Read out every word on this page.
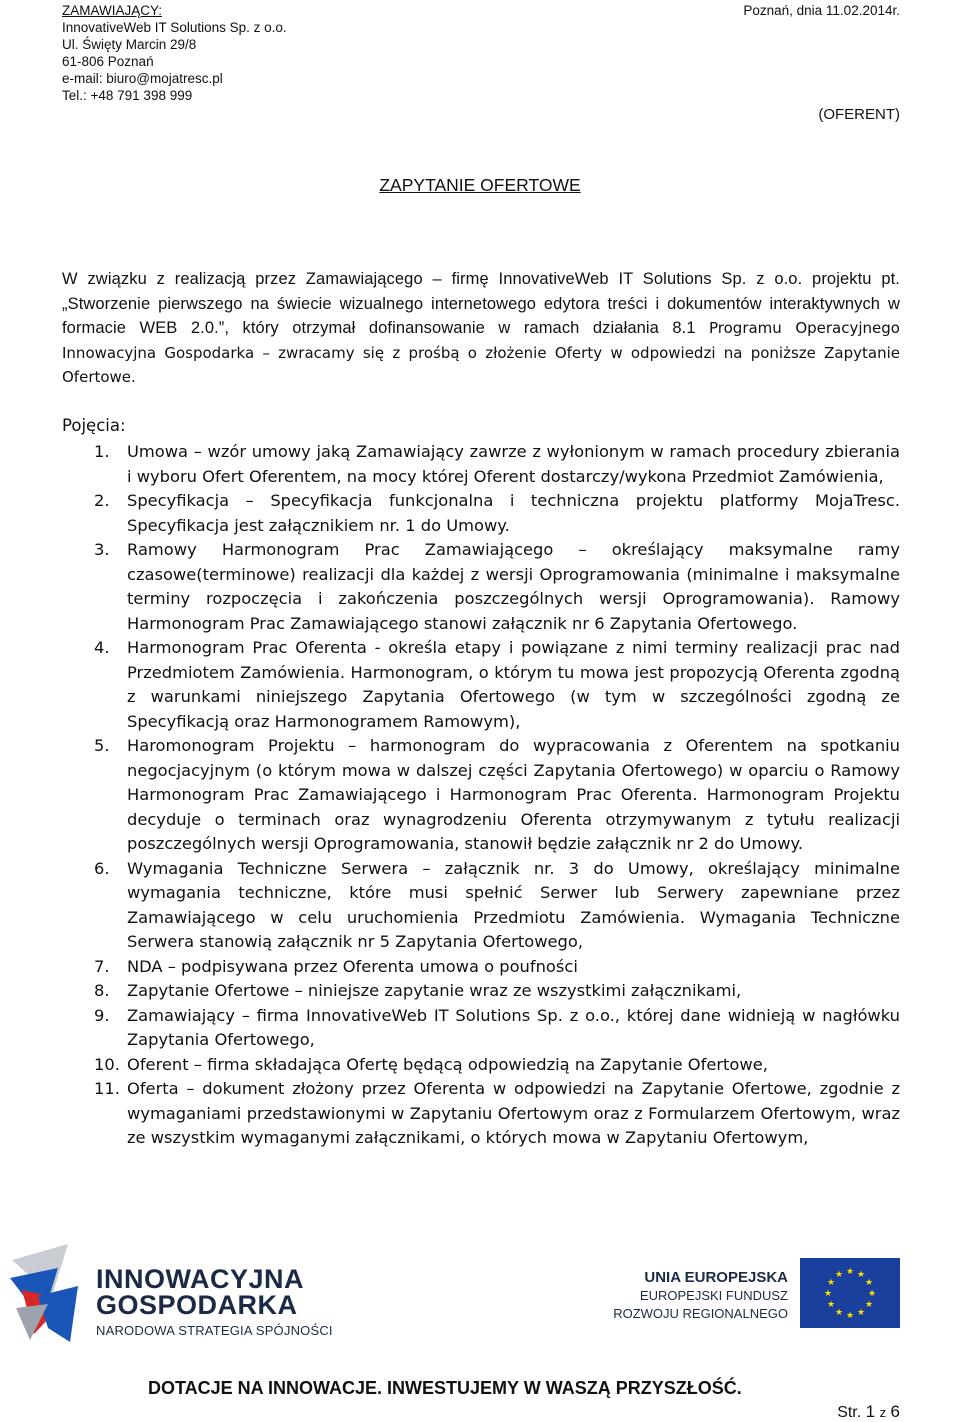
ZAMAWIAJĄCY:

InnovativeWeb IT Solutions Sp. z o.o.

Ul. Święty Marcin 29/8

61-806 Poznań

e-mail: biuro@mojatresc.pl

Tel.: +48 791 398 999

Poznań, dnia 11.02.2014r.

(OFERENT)

ZAPYTANIE OFERTOWE

W związku z realizacją przez Zamawiającego – firmę InnovativeWeb IT Solutions Sp. z o.o. projektu pt. „Stworzenie pierwszego na świecie wizualnego internetowego edytora treści i dokumentów interaktywnych w formacie WEB 2.0.”, który otrzymał dofinansowanie w ramach działania 8.1 Programu Operacyjnego Innowacyjna Gospodarka – zwracamy się z prośbą o złożenie Oferty w odpowiedzi na poniższe Zapytanie Ofertowe.

Pojęcia:

1. Umowa – wzór umowy jaką Zamawiający zawrze z wyłonionym w ramach procedury zbierania i wyboru Ofert Oferentem, na mocy której Oferent dostarczy/wykona Przedmiot Zamówienia,
2. Specyfikacja – Specyfikacja funkcjonalna i techniczna projektu platformy MojaTresc. Specyfikacja jest załącznikiem nr. 1 do Umowy.
3. Ramowy Harmonogram Prac Zamawiającego – określający maksymalne ramy czasowe(terminowe) realizacji dla każdej z wersji Oprogramowania (minimalne i maksymalne terminy rozpoczęcia i zakończenia poszczególnych wersji Oprogramowania). Ramowy Harmonogram Prac Zamawiającego stanowi załącznik nr 6 Zapytania Ofertowego.
4. Harmonogram Prac Oferenta - określa etapy i powiązane z nimi terminy realizacji prac nad Przedmiotem Zamówienia. Harmonogram, o którym tu mowa jest propozycją Oferenta zgodną z warunkami niniejszego Zapytania Ofertowego (w tym w szczególności zgodną ze Specyfikacją oraz Harmonogramem Ramowym),
5. Haromonogram Projektu – harmonogram do wypracowania z Oferentem na spotkaniu negocjacyjnym (o którym mowa w dalszej części Zapytania Ofertowego) w oparciu o Ramowy Harmonogram Prac Zamawiającego i Harmonogram Prac Oferenta. Harmonogram Projektu decyduje o terminach oraz wynagrodzeniu Oferenta otrzymywanym z tytułu realizacji poszczególnych wersji Oprogramowania, stanowił będzie załącznik nr 2 do Umowy.
6. Wymagania Techniczne Serwera – załącznik nr. 3 do Umowy, określający minimalne wymagania techniczne, które musi spełnić Serwer lub Serwery zapewniane przez Zamawiającego w celu uruchomienia Przedmiotu Zamówienia. Wymagania Techniczne Serwera stanowią załącznik nr 5 Zapytania Ofertowego,
7. NDA – podpisywana przez Oferenta umowa o poufności
8. Zapytanie Ofertowe – niniejsze zapytanie wraz ze wszystkimi załącznikami,
9. Zamawiający – firma InnovativeWeb IT Solutions Sp. z o.o., której dane widnieją w nagłówku Zapytania Ofertowego,
10. Oferent – firma składająca Ofertę będącą odpowiedzią na Zapytanie Ofertowe,
11. Oferta – dokument złożony przez Oferenta w odpowiedzi na Zapytanie Ofertowe, zgodnie z wymaganiami przedstawionymi w Zapytaniu Ofertowym oraz z Formularzem Ofertowym, wraz ze wszystkim wymaganymi załącznikami, o których mowa w Zapytaniu Ofertowym,
INNOWACYJNA
GOSPODARKA
NARODOWA STRATEGIA SPÓJNOŚCI
UNIA EUROPEJSKA
EUROPEJSKI FUNDUSZ
ROZWOJU REGIONALNEGO
★ ★
★
★
★
★
★
★
★
★
★
★

DOTACJE NA INNOWACJE. INWESTUJEMY W WASZĄ PRZYSZŁOŚĆ.

Str. 1 z 6
